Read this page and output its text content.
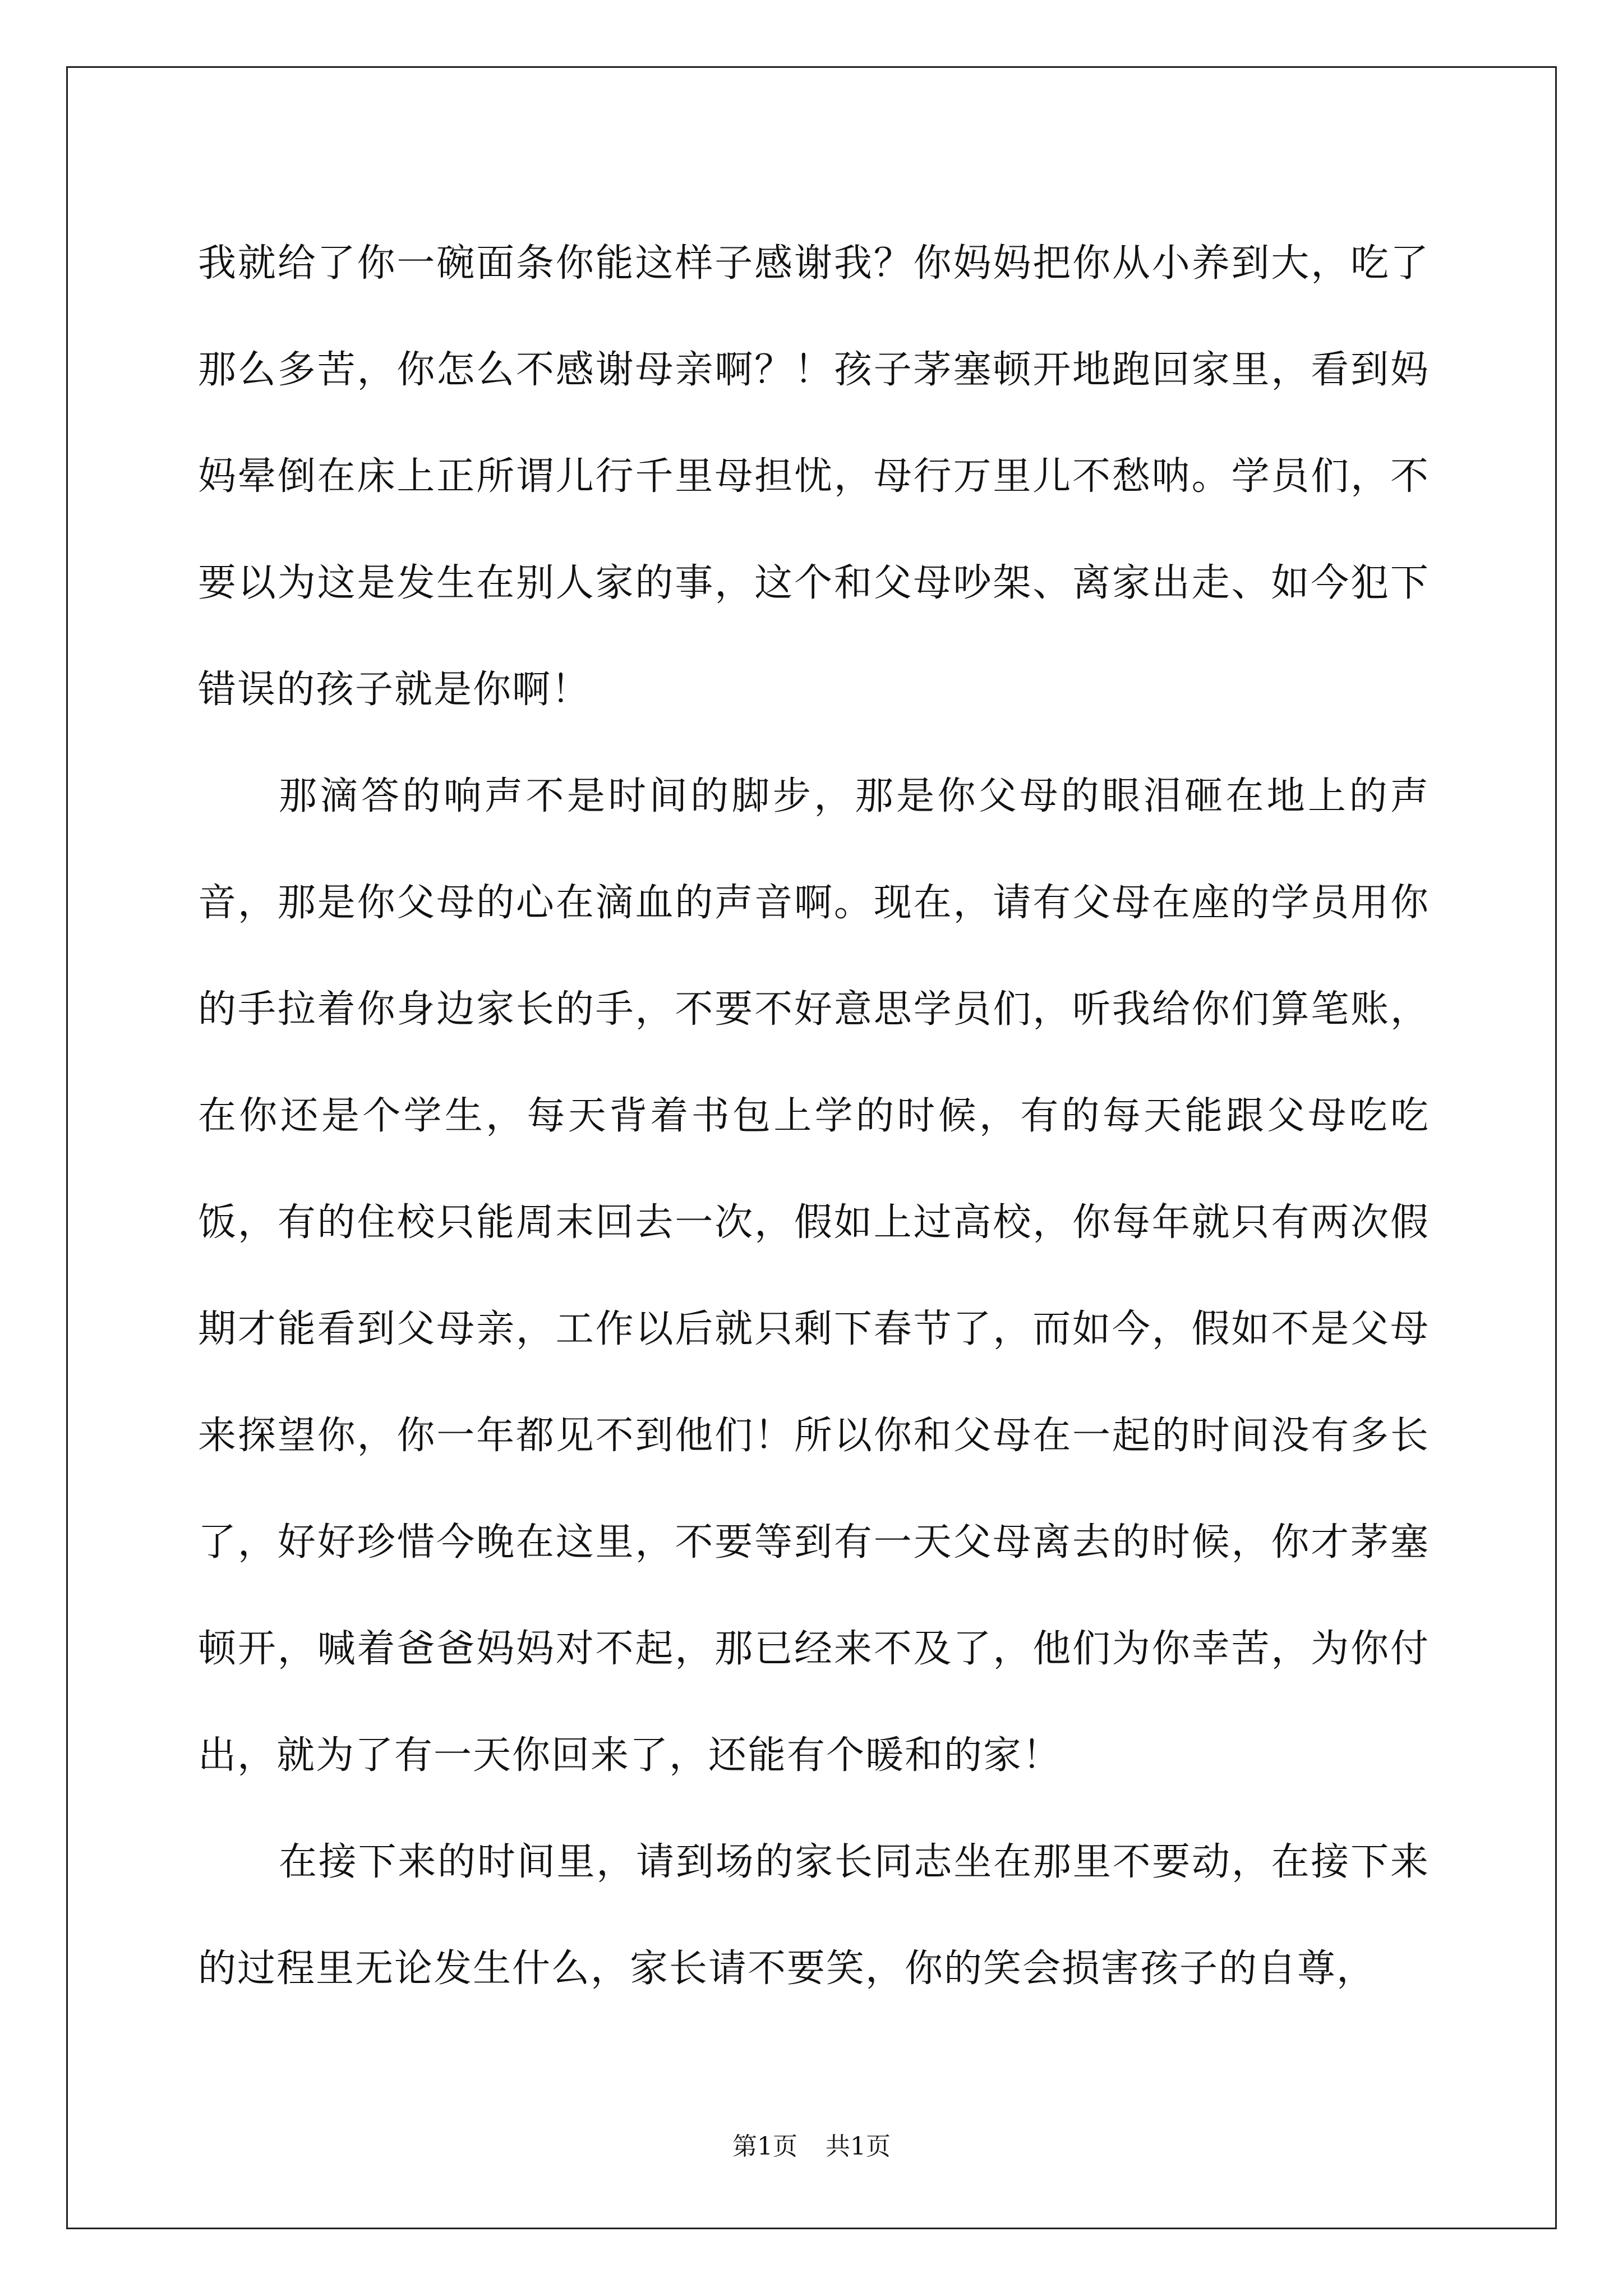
我就给了你一碗面条你能这样子感谢我？你妈妈把你从小养到大，吃了那么多苦，你怎么不感谢母亲啊？！孩子茅塞顿开地跑回家里，看到妈妈晕倒在床上正所谓儿行千里母担忧，母行万里儿不愁呐。学员们，不要以为这是发生在别人家的事，这个和父母吵架、离家出走、如今犯下错误的孩子就是你啊！

那滴答的响声不是时间的脚步，那是你父母的眼泪砸在地上的声音，那是你父母的心在滴血的声音啊。现在，请有父母在座的学员用你的手拉着你身边家长的手，不要不好意思学员们，听我给你们算笔账，在你还是个学生，每天背着书包上学的时候，有的每天能跟父母吃吃饭，有的住校只能周末回去一次，假如上过高校，你每年就只有两次假期才能看到父母亲，工作以后就只剩下春节了，而如今，假如不是父母来探望你，你一年都见不到他们！所以你和父母在一起的时间没有多长了，好好珍惜今晚在这里，不要等到有一天父母离去的时候，你才茅塞顿开，喊着爸爸妈妈对不起，那已经来不及了，他们为你幸苦，为你付出，就为了有一天你回来了，还能有个暖和的家！

在接下来的时间里，请到场的家长同志坐在那里不要动，在接下来的过程里无论发生什么，家长请不要笑，你的笑会损害孩子的自尊，

第1页 共1页
